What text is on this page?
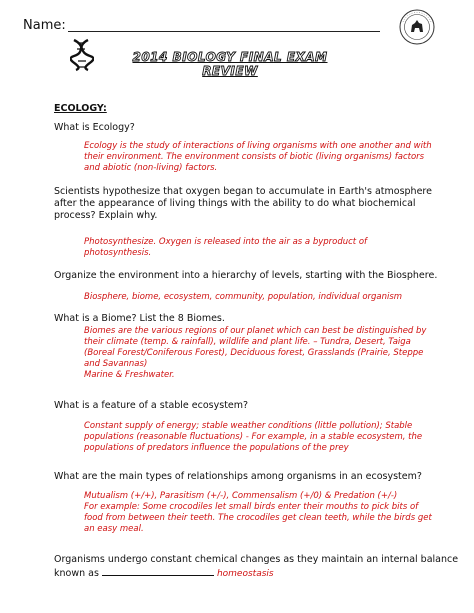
Name:
2014 BIOLOGY FINAL EXAM REVIEW
ECOLOGY:
What is Ecology?
Ecology is the study of interactions of living organisms with one another and with
their environment. The environment consists of biotic (living organisms) factors
and abiotic (non-living) factors.
Scientists hypothesize that oxygen began to accumulate in Earth's atmosphere
after the appearance of living things with the ability to do what biochemical
process? Explain why.
Photosynthesize. Oxygen is released into the air as a byproduct of
photosynthesis.
Organize the environment into a hierarchy of levels, starting with the Biosphere.
Biosphere, biome, ecosystem, community, population, individual organism
What is a Biome? List the 8 Biomes.
Biomes are the various regions of our planet which can best be distinguished by
their climate (temp. & rainfall), wildlife and plant life. – Tundra, Desert, Taiga
(Boreal Forest/Coniferous Forest), Deciduous forest, Grasslands (Prairie, Steppe
and Savannas)
Marine & Freshwater.
What is a feature of a stable ecosystem?
Constant supply of energy; stable weather conditions (little pollution); Stable
populations (reasonable fluctuations) - For example, in a stable ecosystem, the
populations of predators influence the populations of the prey
What are the main types of relationships among organisms in an ecosystem?
Mutualism (+/+), Parasitism (+/-), Commensalism (+/0) & Predation (+/-)
For example: Some crocodiles let small birds enter their mouths to pick bits of
food from between their teeth. The crocodiles get clean teeth, while the birds get
an easy meal.
Organisms undergo constant chemical changes as they maintain an internal balance
known as	homeostasis
